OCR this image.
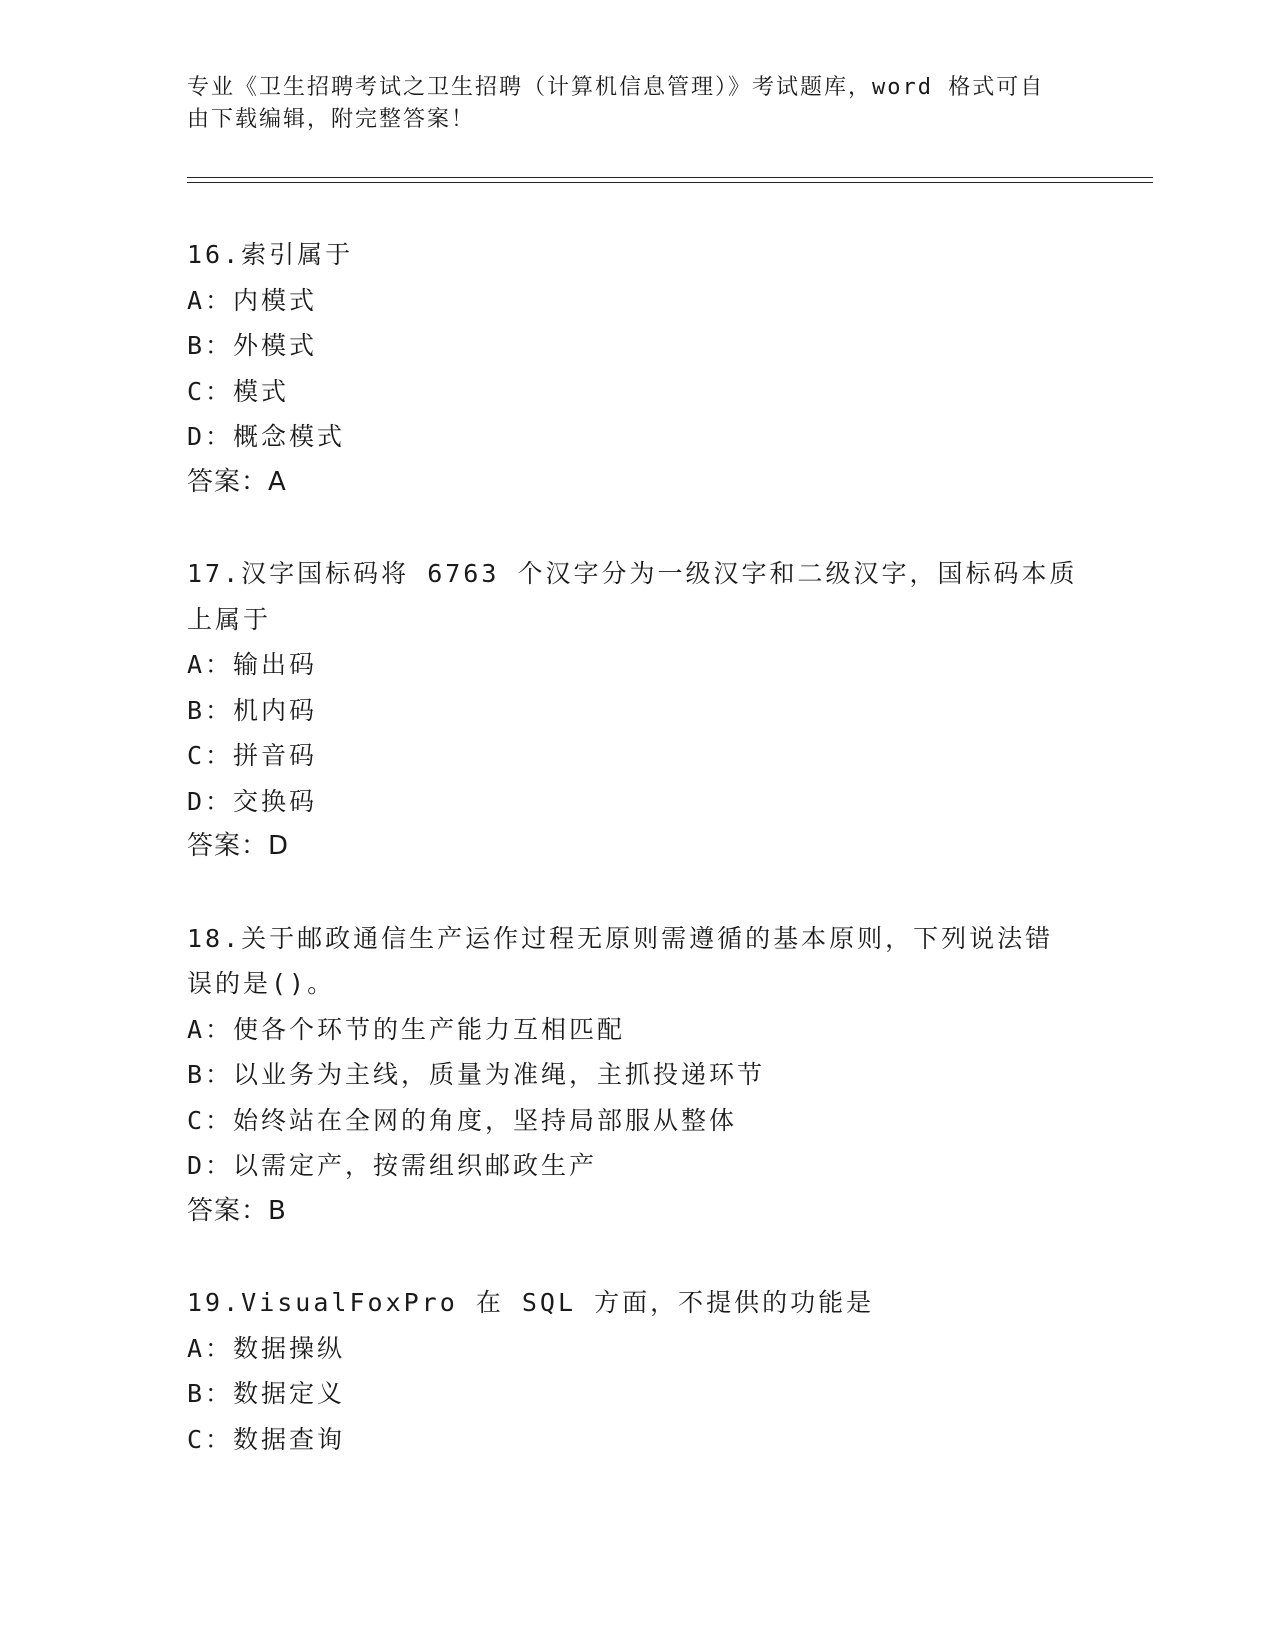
专业《卫生招聘考试之卫生招聘（计算机信息管理）》考试题库，word 格式可自
由下载编辑，附完整答案！
16.索引属于
A：内模式
B：外模式
C：模式
D：概念模式
答案：A
17.汉字国标码将 6763 个汉字分为一级汉字和二级汉字，国标码本质
上属于
A：输出码
B：机内码
C：拼音码
D：交换码
答案：D
18.关于邮政通信生产运作过程无原则需遵循的基本原则，下列说法错
误的是()。
A：使各个环节的生产能力互相匹配
B：以业务为主线，质量为准绳，主抓投递环节
C：始终站在全网的角度，坚持局部服从整体
D：以需定产，按需组织邮政生产
答案：B
19.VisualFoxPro 在 SQL 方面，不提供的功能是
A：数据操纵
B：数据定义
C：数据查询
